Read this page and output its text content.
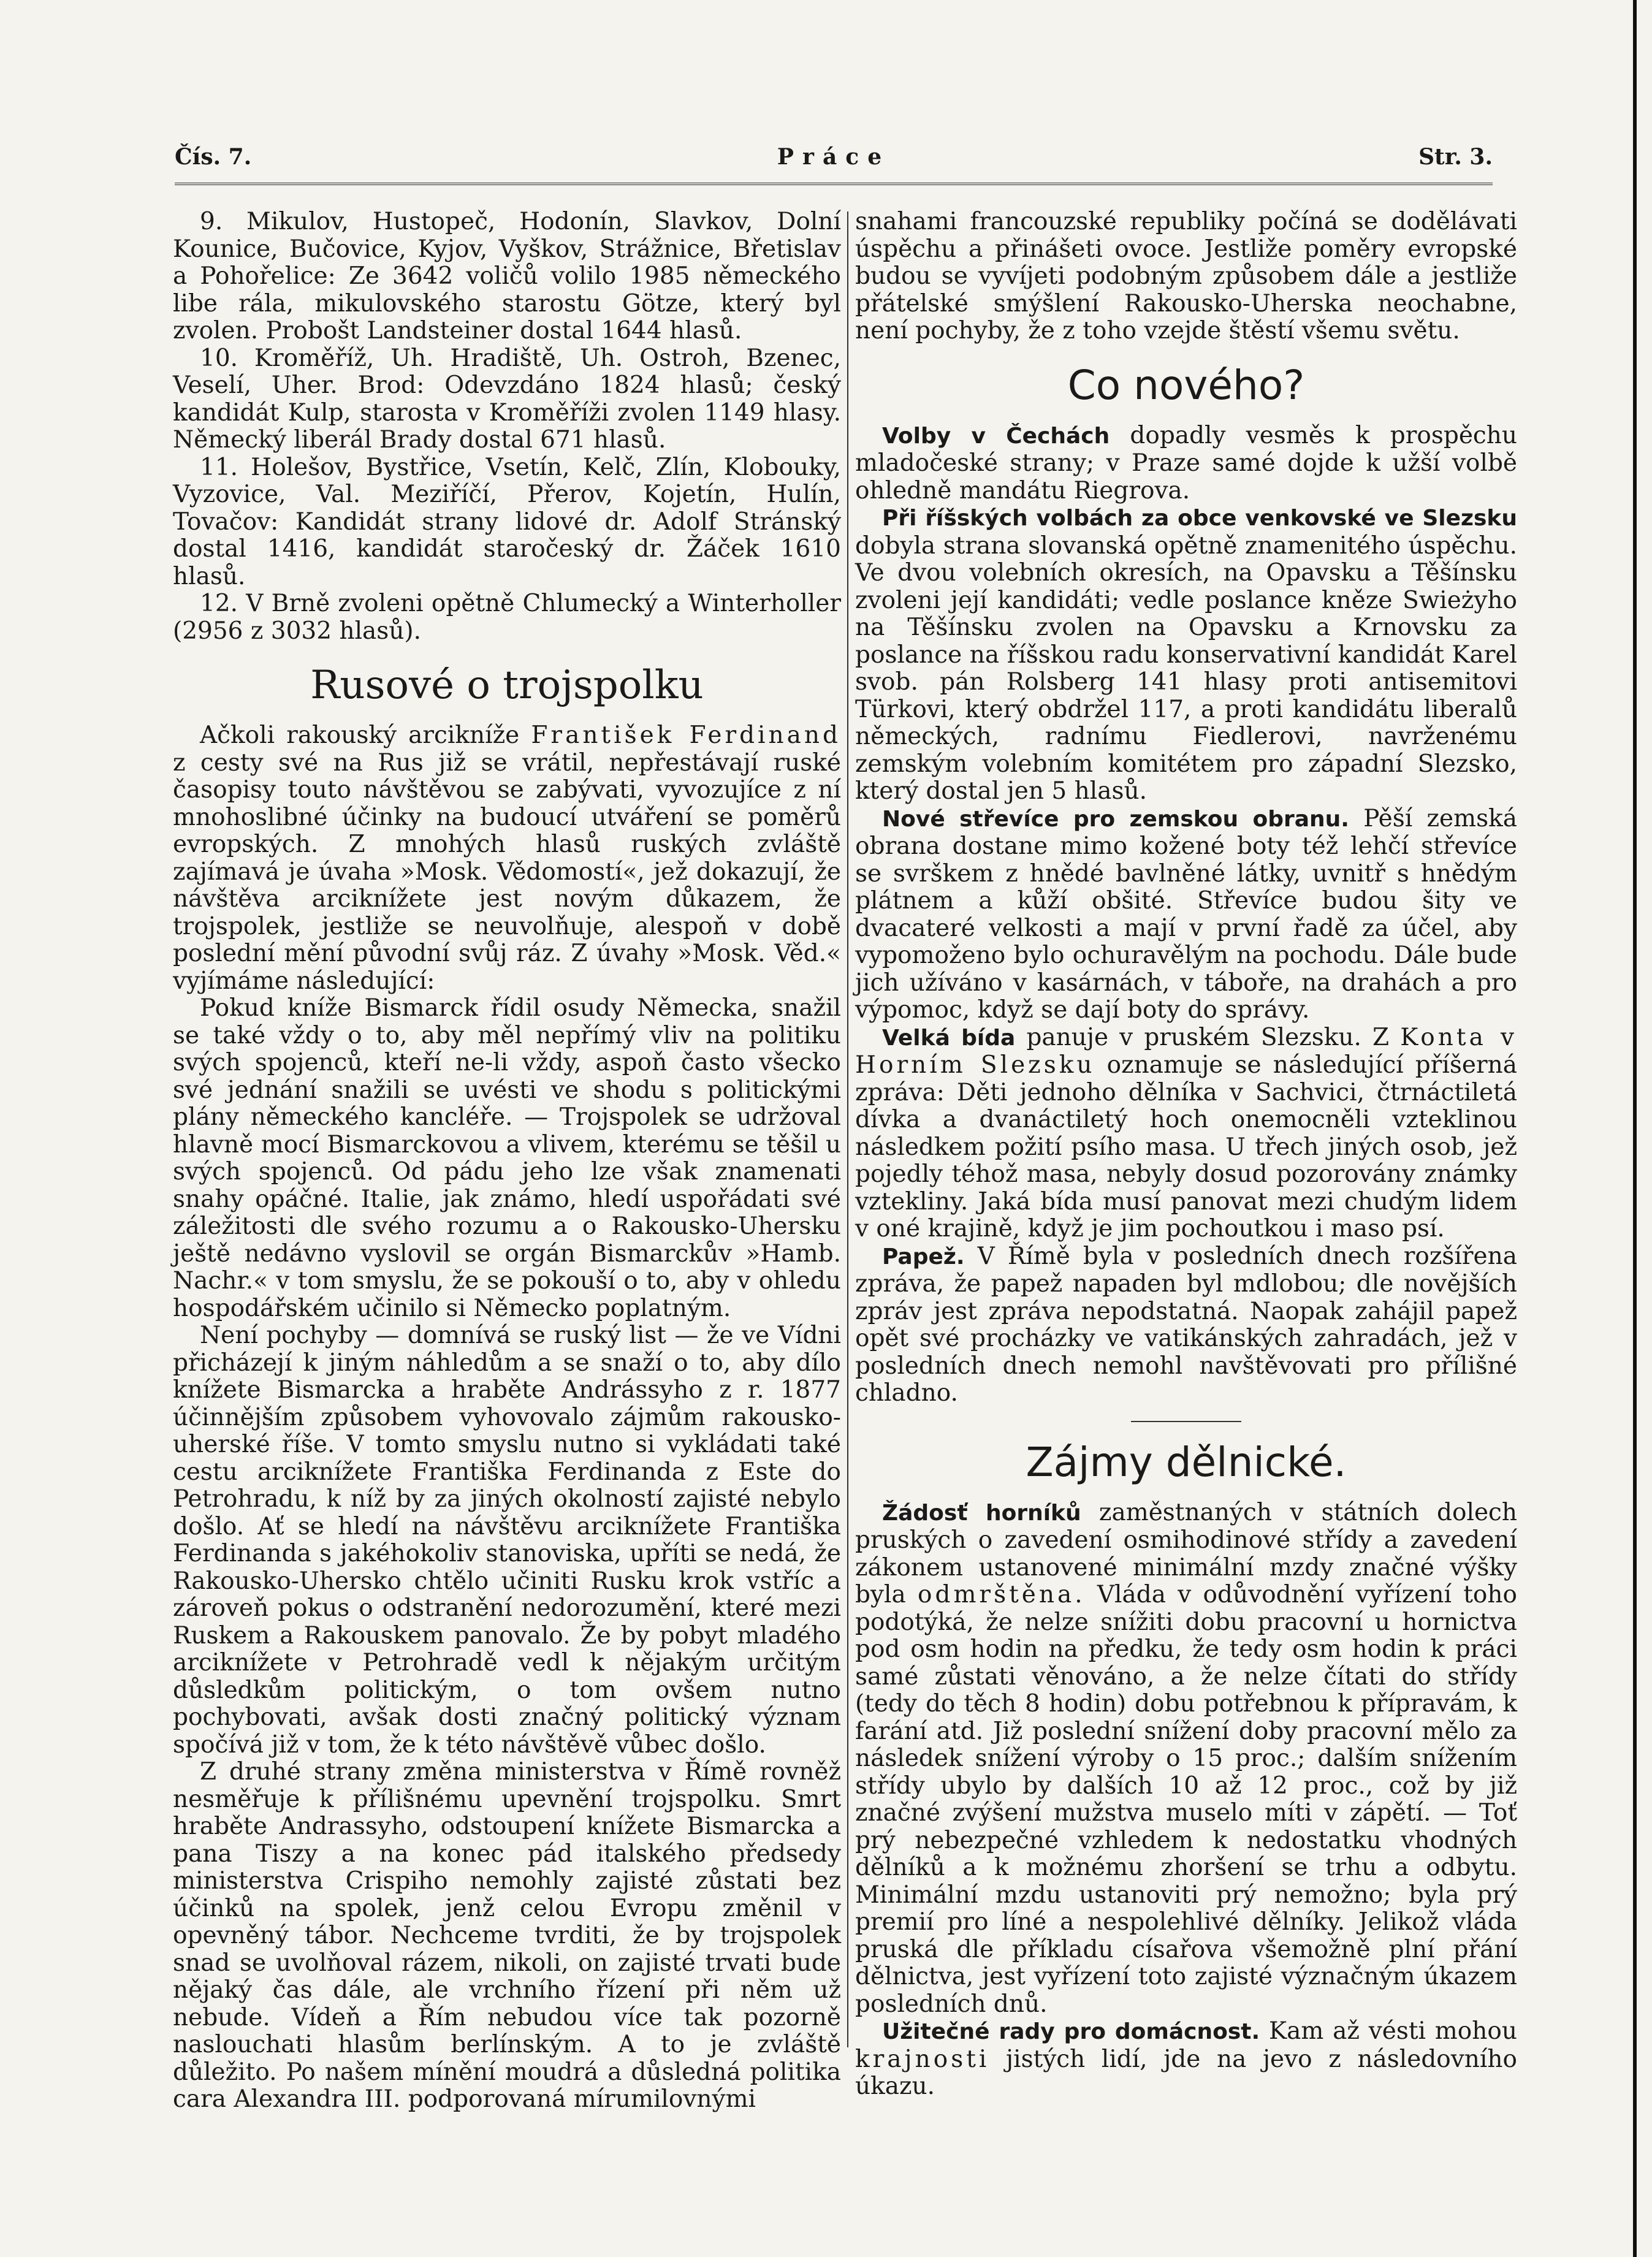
Čís. 7.	Práce	Str. 3.

9. Mikulov, Hustopeč, Hodonín, Slavkov, Dolní Kounice, Bučovice, Kyjov, Vyškov, Strážnice, Břetislav a Pohořelice: Ze 3642 voličů volilo 1985 německého libe rála, mikulovského starostu Götze, který byl zvolen. Probošt Landsteiner dostal 1644 hlasů.

10. Kroměříž, Uh. Hradiště, Uh. Ostroh, Bzenec, Veselí, Uher. Brod: Odevzdáno 1824 hlasů; český kandidát Kulp, starosta v Kroměříži zvolen 1149 hlasy. Německý liberál Brady dostal 671 hlasů.

11. Holešov, Bystřice, Vsetín, Kelč, Zlín, Klobouky, Vyzovice, Val. Meziříčí, Přerov, Kojetín, Hulín, Tovačov: Kandidát strany lidové dr. Adolf Stránský dostal 1416, kandidát staročeský dr. Žáček 1610 hlasů.

12. V Brně zvoleni opětně Chlumecký a Winterholler (2956 z 3032 hlasů).

Rusové o trojspolku

Ačkoli rakouský arcikníže František Ferdinand z cesty své na Rus již se vrátil, nepřestávají ruské časopisy touto návštěvou se zabývati, vyvozujíce z ní mnohoslibné účinky na budoucí utváření se poměrů evropských. Z mnohých hlasů ruských zvláště zajímavá je úvaha »Mosk. Vědomostí«, jež dokazují, že návštěva arciknížete jest novým důkazem, že trojspolek, jestliže se neuvolňuje, alespoň v době poslední mění původní svůj ráz. Z úvahy »Mosk. Věd.« vyjímáme následující:

Pokud kníže Bismarck řídil osudy Německa, snažil se také vždy o to, aby měl nepřímý vliv na politiku svých spojenců, kteří ne-li vždy, aspoň často všecko své jednání snažili se uvésti ve shodu s politickými plány německého kancléře. — Trojspolek se udržoval hlavně mocí Bismarckovou a vlivem, kterému se těšil u svých spojenců. Od pádu jeho lze však znamenati snahy opáčné. Italie, jak známo, hledí uspořádati své záležitosti dle svého rozumu a o Rakousko-Uhersku ještě nedávno vyslovil se orgán Bismarckův »Hamb. Nachr.« v tom smyslu, že se pokouší o to, aby v ohledu hospodářském učinilo si Německo poplatným.

Není pochyby — domnívá se ruský list — že ve Vídni přicházejí k jiným náhledům a se snaží o to, aby dílo knížete Bismarcka a hraběte Andrássyho z r. 1877 účinnějším způsobem vyhovovalo zájmům rakousko-uherské říše. V tomto smyslu nutno si vykládati také cestu arciknížete Františka Ferdinanda z Este do Petrohradu, k níž by za jiných okolností zajisté nebylo došlo. Ať se hledí na návštěvu arciknížete Františka Ferdinanda s jakéhokoliv stanoviska, upříti se nedá, že Rakousko-Uhersko chtělo učiniti Rusku krok vstříc a zároveň pokus o odstranění nedorozumění, které mezi Ruskem a Rakouskem panovalo. Že by pobyt mladého arciknížete v Petrohradě vedl k nějakým určitým důsledkům politickým, o tom ovšem nutno pochybovati, avšak dosti značný politický význam spočívá již v tom, že k této návštěvě vůbec došlo.

Z druhé strany změna ministerstva v Římě rovněž nesměřuje k přílišnému upevnění trojspolku. Smrt hraběte Andrassyho, odstoupení knížete Bismarcka a pana Tiszy a na konec pád italského předsedy ministerstva Crispiho nemohly zajisté zůstati bez účinků na spolek, jenž celou Evropu změnil v opevněný tábor. Nechceme tvrditi, že by trojspolek snad se uvolňoval rázem, nikoli, on zajisté trvati bude nějaký čas dále, ale vrchního řízení při něm už nebude. Vídeň a Řím nebudou více tak pozorně naslouchati hlasům berlínským. A to je zvláště důležito. Po našem mínění moudrá a důsledná politika cara Alexandra III. podporovaná mírumilovnými

snahami francouzské republiky počíná se dodělávati úspěchu a přinášeti ovoce. Jestliže poměry evropské budou se vyvíjeti podobným způsobem dále a jestliže přátelské smýšlení Rakousko-Uherska neochabne, není pochyby, že z toho vzejde štěstí všemu světu.

Co nového?

Volby v Čechách dopadly vesměs k prospěchu mladočeské strany; v Praze samé dojde k užší volbě ohledně mandátu Riegrova.

Při říšských volbách za obce venkovské ve Slezsku dobyla strana slovanská opětně znamenitého úspěchu. Ve dvou volebních okresích, na Opavsku a Těšínsku zvoleni její kandidáti; vedle poslance kněze Swieżyho na Těšínsku zvolen na Opavsku a Krnovsku za poslance na říšskou radu konservativní kandidát Karel svob. pán Rolsberg 141 hlasy proti antisemitovi Türkovi, který obdržel 117, a proti kandidátu liberalů německých, radnímu Fiedlerovi, navrženému zemským volebním komitétem pro západní Slezsko, který dostal jen 5 hlasů.

Nové střevíce pro zemskou obranu. Pěší zemská obrana dostane mimo kožené boty též lehčí střevíce se svrškem z hnědé bavlněné látky, uvnitř s hnědým plátnem a kůží obšité. Střevíce budou šity ve dvacateré velkosti a mají v první řadě za účel, aby vypomoženo bylo ochuravělým na pochodu. Dále bude jich užíváno v kasárnách, v táboře, na drahách a pro výpomoc, když se dají boty do správy.

Velká bída panuje v pruském Slezsku. Z Konta v Horním Slezsku oznamuje se následující příšerná zpráva: Děti jednoho dělníka v Sachvici, čtrnáctiletá dívka a dvanáctiletý hoch onemocněli vzteklinou následkem požití psího masa. U třech jiných osob, jež pojedly téhož masa, nebyly dosud pozorovány známky vztekliny. Jaká bída musí panovat mezi chudým lidem v oné krajině, když je jim pochoutkou i maso psí.

Papež. V Římě byla v posledních dnech rozšířena zpráva, že papež napaden byl mdlobou; dle novějších zpráv jest zpráva nepodstatná. Naopak zahájil papež opět své procházky ve vatikánských zahradách, jež v posledních dnech nemohl navštěvovati pro přílišné chladno.

Zájmy dělnické.

Žádosť horníků zaměstnaných v státních dolech pruských o zavedení osmihodinové střídy a zavedení zákonem ustanovené minimální mzdy značné výšky byla odmrštěna. Vláda v odůvodnění vyřízení toho podotýká, že nelze snížiti dobu pracovní u hornictva pod osm hodin na předku, že tedy osm hodin k práci samé zůstati věnováno, a že nelze čítati do střídy (tedy do těch 8 hodin) dobu potřebnou k přípravám, k farání atd. Již poslední snížení doby pracovní mělo za následek snížení výroby o 15 proc.; dalším snížením střídy ubylo by dalších 10 až 12 proc., což by již značné zvýšení mužstva muselo míti v zápětí. — Toť prý nebezpečné vzhledem k nedostatku vhodných dělníků a k možnému zhoršení se trhu a odbytu. Minimální mzdu ustanoviti prý nemožno; byla prý premií pro líné a nespolehlivé dělníky. Jelikož vláda pruská dle příkladu císařova všemožně plní přání dělnictva, jest vyřízení toto zajisté význačným úkazem posledních dnů.

Užitečné rady pro domácnost. Kam až vésti mohou krajnosti jistých lidí, jde na jevo z následovního úkazu.
